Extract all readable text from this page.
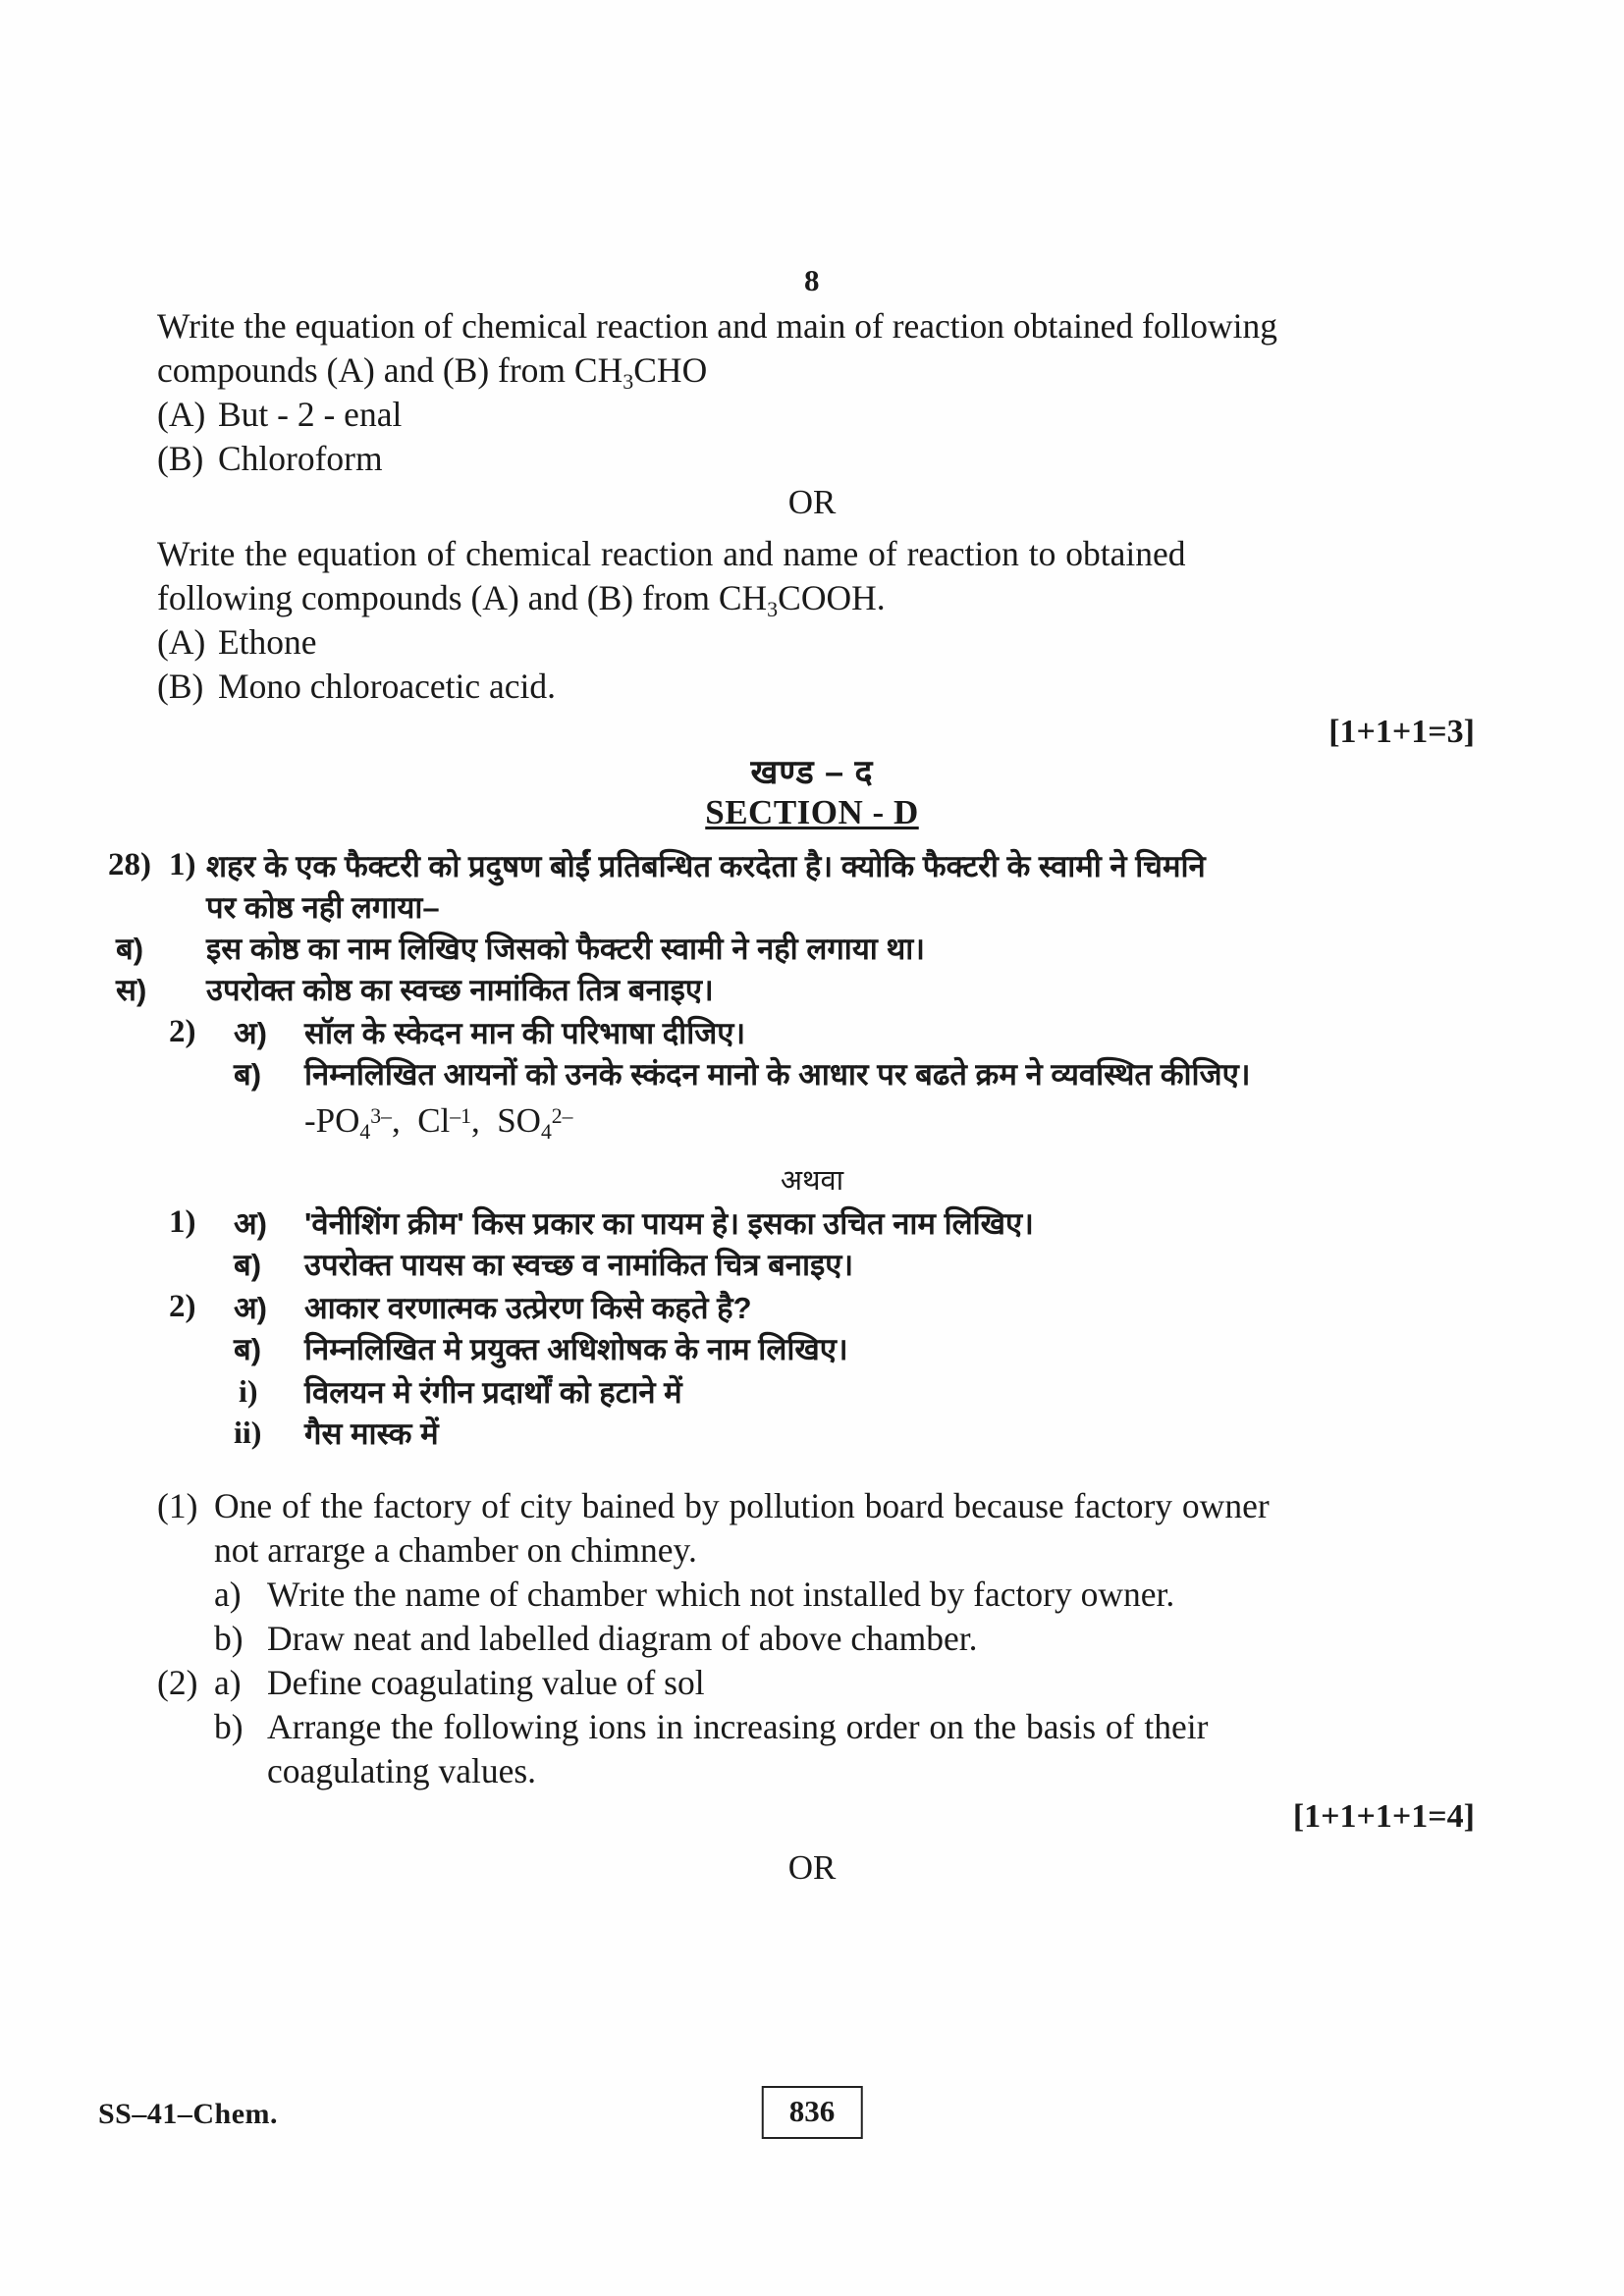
8
Write the equation of chemical reaction and main of reaction obtained following
compounds (A) and (B) from $CH_3CHO$
(A) But - 2 - enal
(B) Chloroform
OR
Write the equation of chemical reaction and name of reaction to obtained
following compounds (A) and (B) from $CH_3COOH$.
(A) Ethone
(B) Mono chloroacetic acid.
[1+1+1=3]
खण्ड – द
SECTION - D
28) 1) शहर के एक फैक्टरी को प्रदुषण बोईं प्रतिबन्धित करदेता है। क्योकि फैक्टरी के स्वामी ने चिमनि
पर कोष्ठ नही लगाया–
ब) इस कोष्ठ का नाम लिखिए जिसको फैक्टरी स्वामी ने नही लगाया था।
स) उपरोक्त कोष्ठ का स्वच्छ नामांकित तित्र बनाइए।
2) अ) सॉल के स्केदन मान की परिभाषा दीजिए।
ब) निम्नलिखित आयनों को उनके स्कंदन मानो के आधार पर बढते क्रम ने व्यवस्थित कीजिए।
$-PO_4^{3-}$,  $Cl^{-1}$,  $SO_4^{2-}$
अथवा
1) अ) 'वेनीशिंग क्रीम' किस प्रकार का पायम हे। इसका उचित नाम लिखिए।
ब) उपरोक्त पायस का स्वच्छ व नामांकित चित्र बनाइए।
2) अ) आकार वरणात्मक उत्प्रेरण किसे कहते है?
ब) निम्नलिखित मे प्रयुक्त अधिशोषक के नाम लिखिए।
i) विलयन मे रंगीन प्रदार्थों को हटाने में
ii) गैस मास्क में
(1) One of the factory of city bained by pollution board because factory owner
not arrarge a chamber on chimney.
a) Write the name of chamber which not installed by factory owner.
b) Draw neat and labelled diagram of above chamber.
(2) a) Define coagulating value of sol
b) Arrange the following ions in increasing order on the basis of their
coagulating values.
[1+1+1+1=4]
OR
SS–41–Chem.	836
